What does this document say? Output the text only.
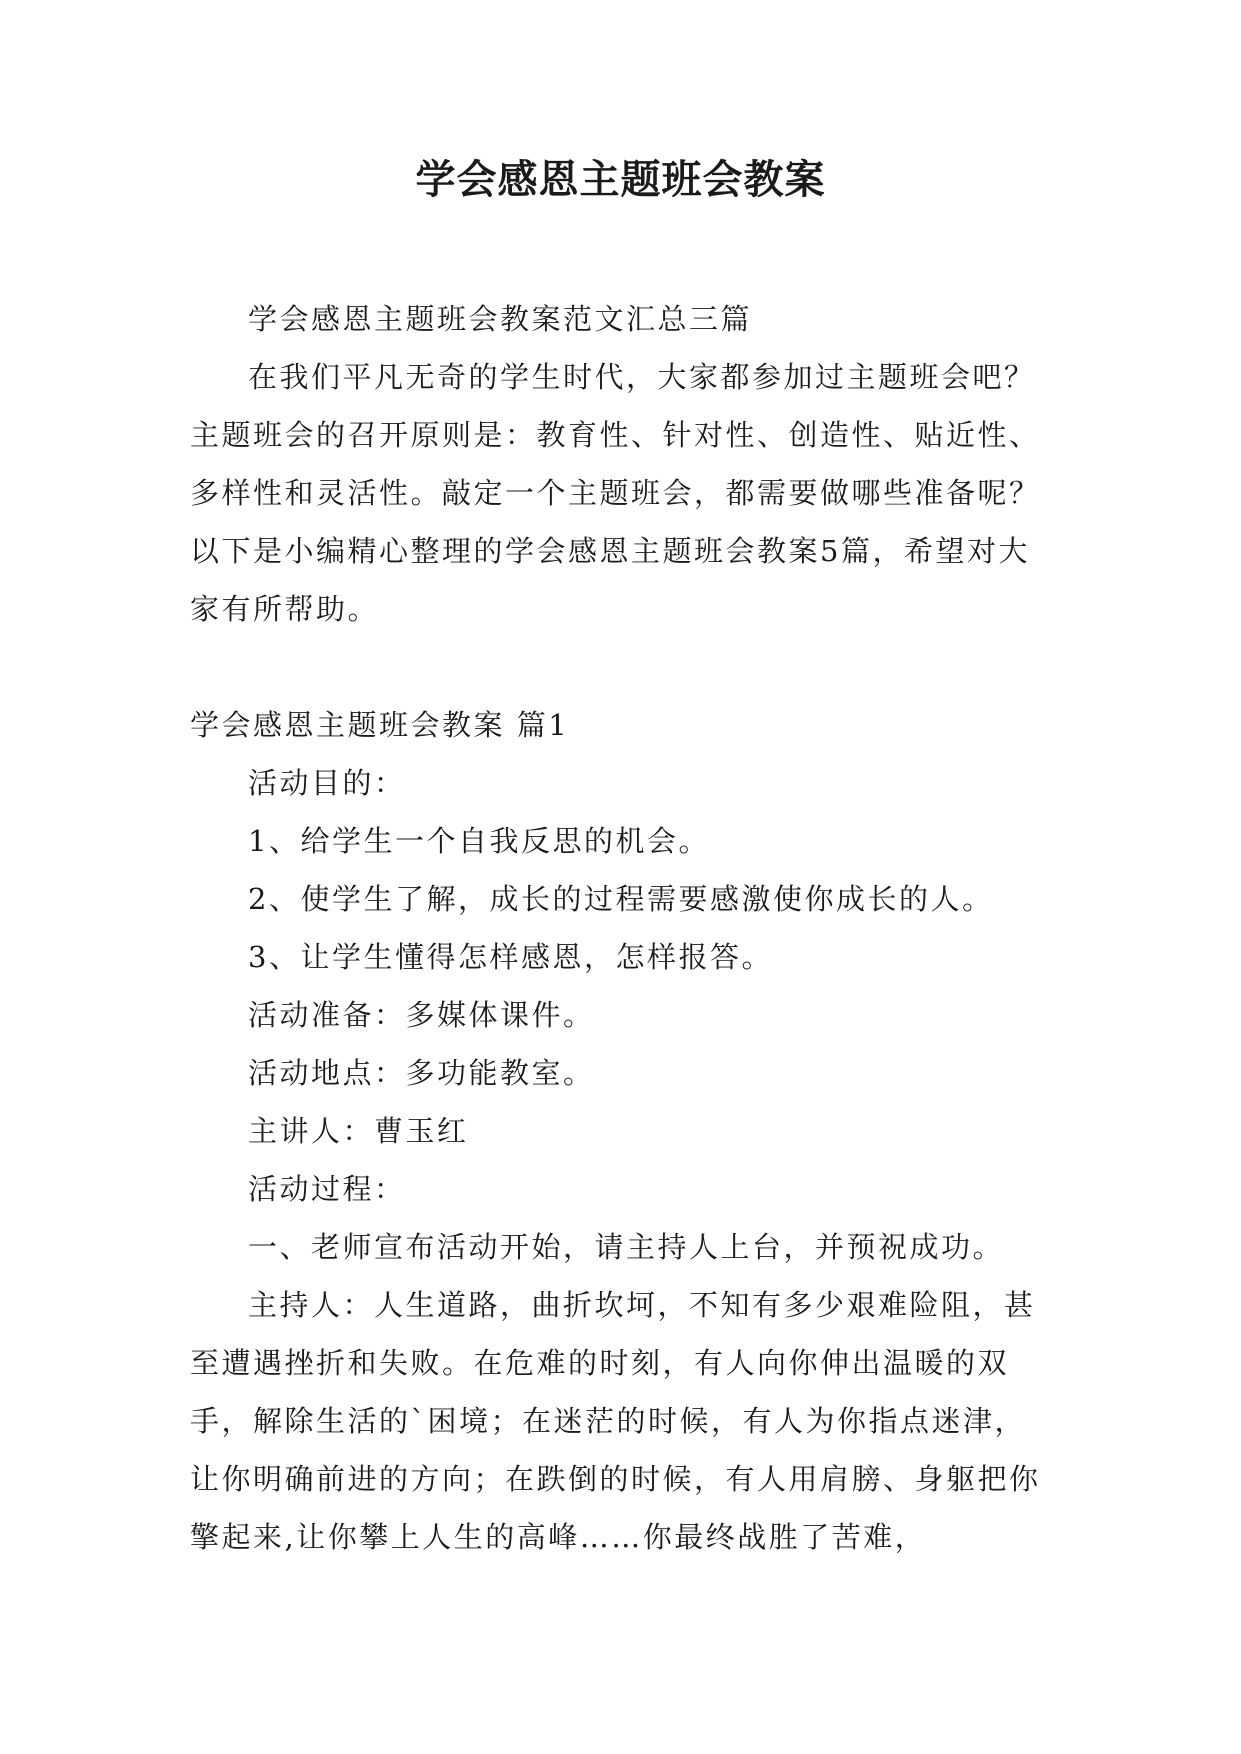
学会感恩主题班会教案

学会感恩主题班会教案范文汇总三篇

在我们平凡无奇的学生时代，大家都参加过主题班会吧？主题班会的召开原则是：教育性、针对性、创造性、贴近性、多样性和灵活性。敲定一个主题班会，都需要做哪些准备呢？以下是小编精心整理的学会感恩主题班会教案5篇，希望对大家有所帮助。

学会感恩主题班会教案 篇1

活动目的：

1、给学生一个自我反思的机会。

2、使学生了解，成长的过程需要感激使你成长的人。

3、让学生懂得怎样感恩，怎样报答。

活动准备：多媒体课件。

活动地点：多功能教室。

主讲人：曹玉红

活动过程：

一、老师宣布活动开始，请主持人上台，并预祝成功。

主持人：人生道路，曲折坎坷，不知有多少艰难险阻，甚至遭遇挫折和失败。在危难的时刻，有人向你伸出温暖的双手，解除生活的`困境；在迷茫的时候，有人为你指点迷津，让你明确前进的方向；在跌倒的时候，有人用肩膀、身躯把你擎起来,让你攀上人生的高峰……你最终战胜了苦难，
